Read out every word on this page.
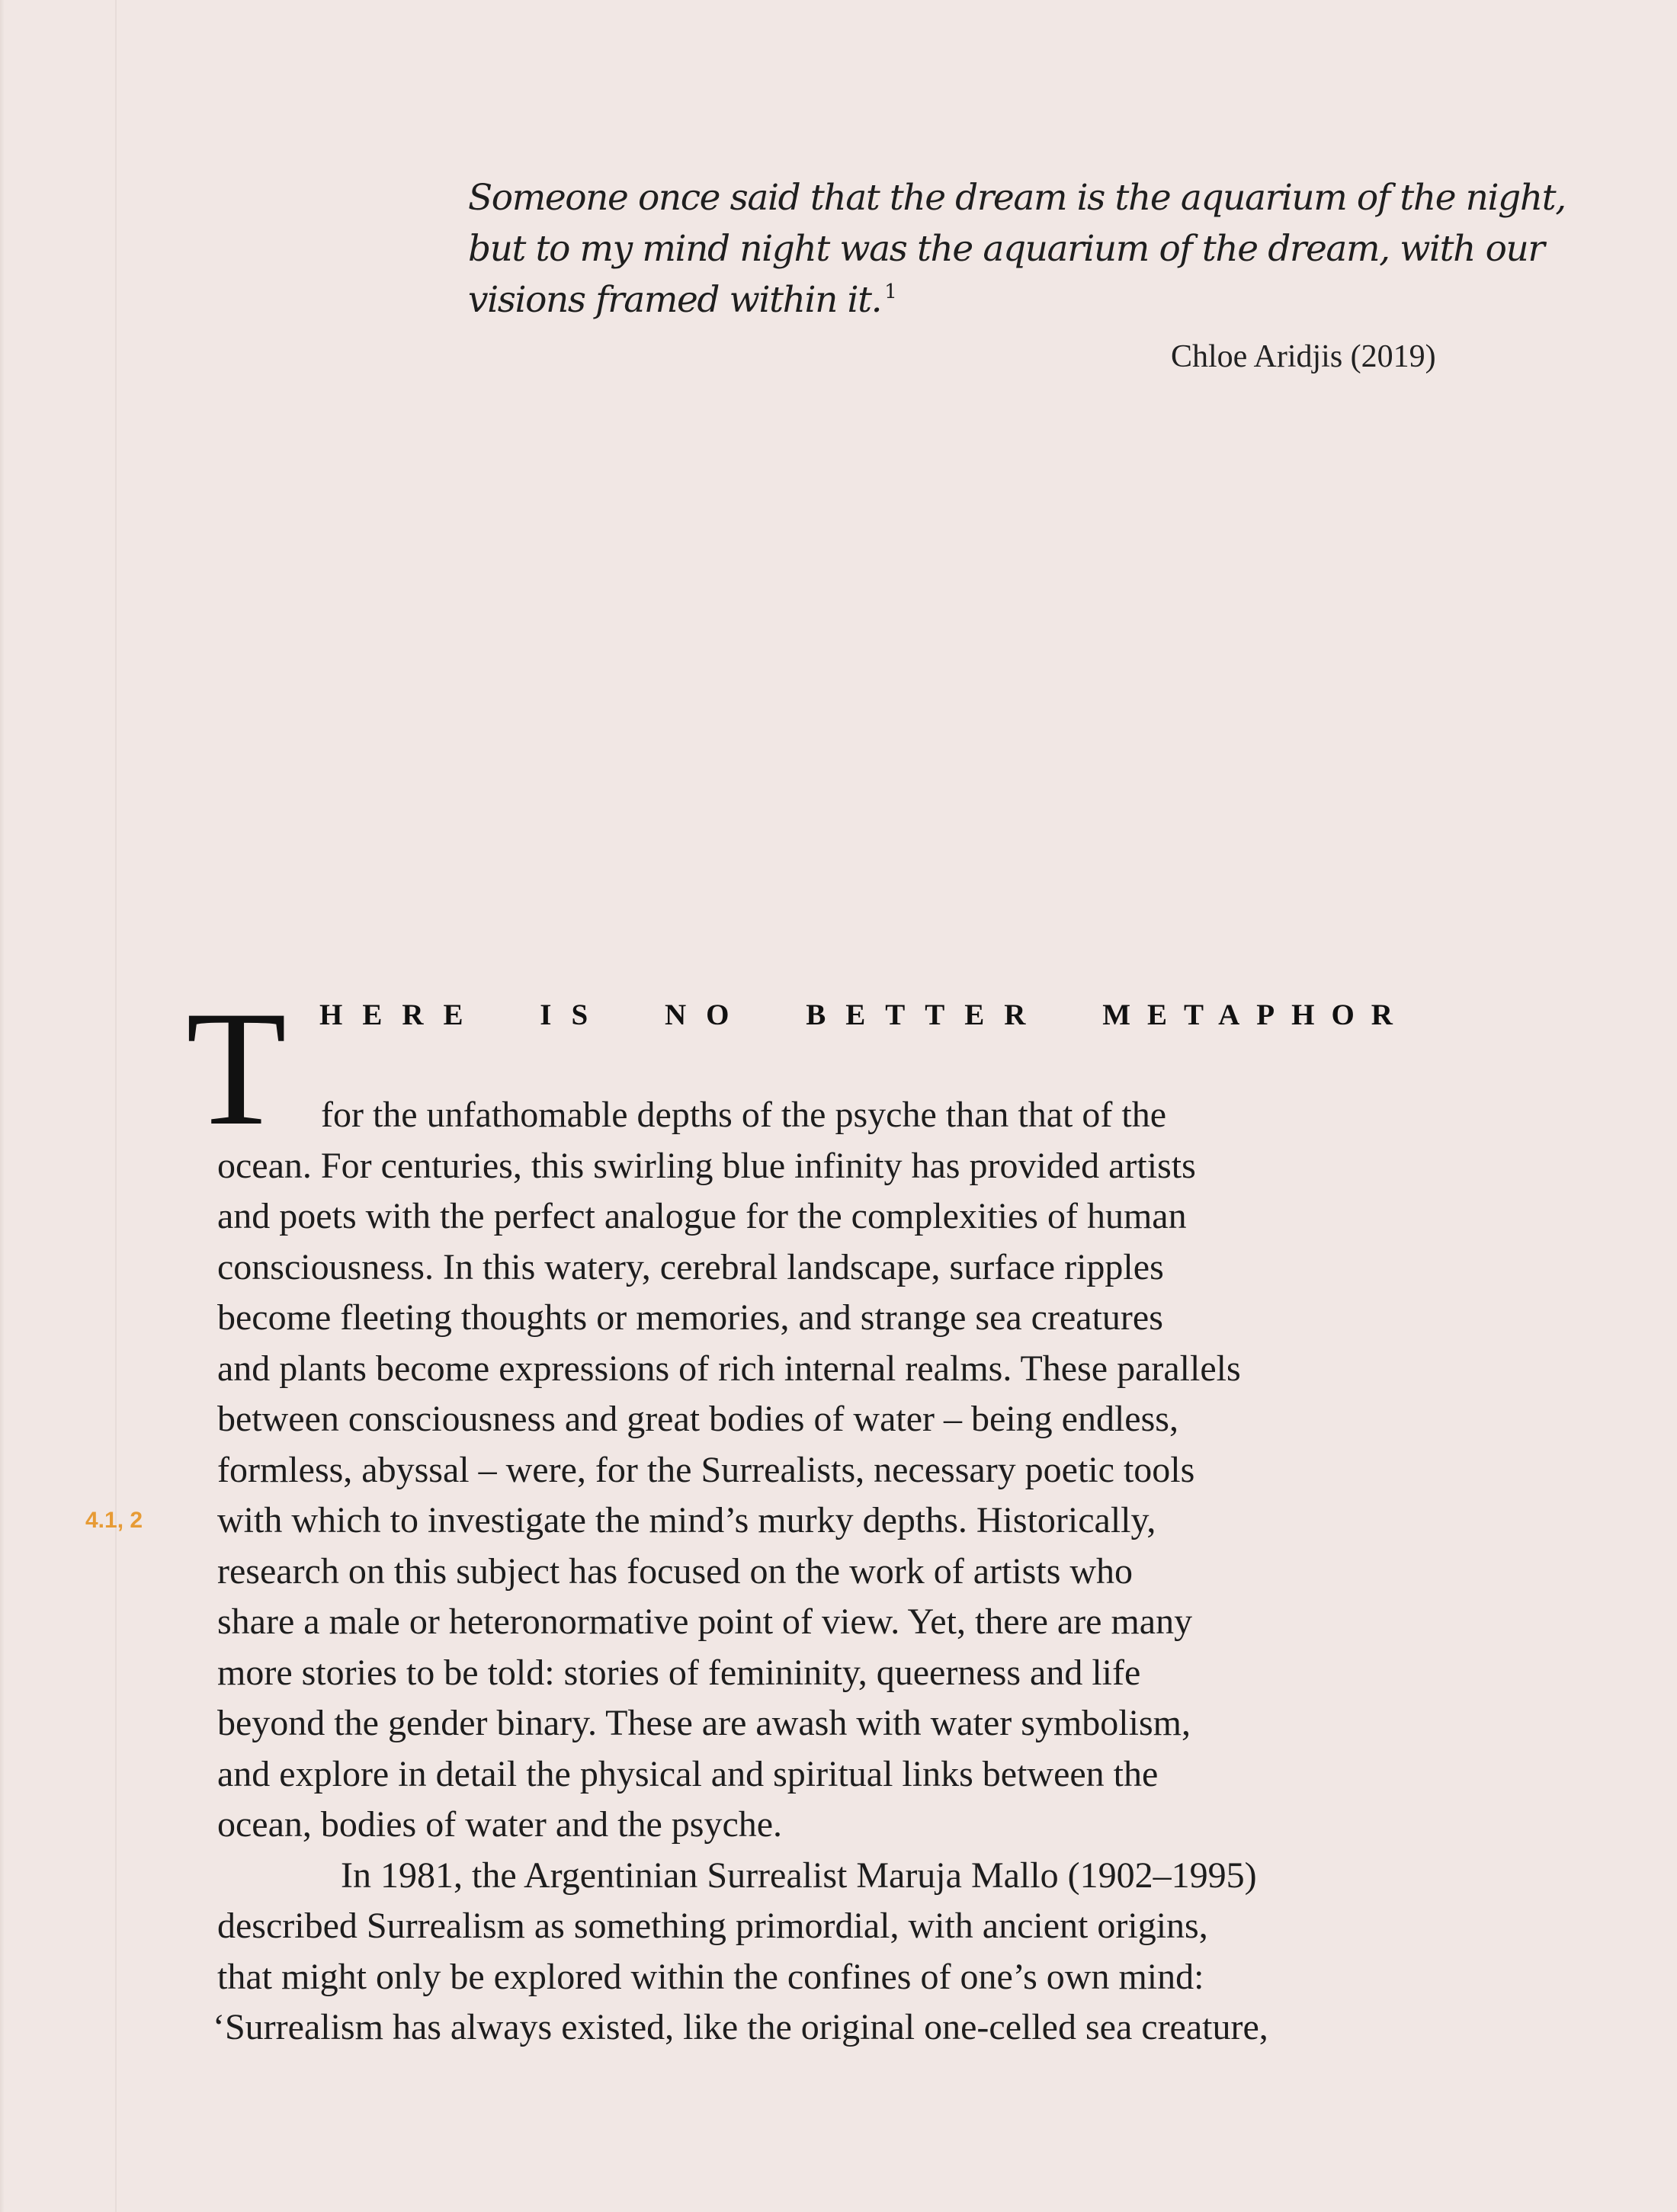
Someone once said that the dream is the aquarium of the night,
but to my mind night was the aquarium of the dream, with our
visions framed within it. $^1$
Chloe Aridjis (2019)
T HERE IS NO BETTER METAPHOR
4.1, 2
for the unfathomable depths of the psyche than that of the
ocean. For centuries, this swirling blue infinity has provided artists
and poets with the perfect analogue for the complexities of human
consciousness. In this watery, cerebral landscape, surface ripples
become fleeting thoughts or memories, and strange sea creatures
and plants become expressions of rich internal realms. These parallels
between consciousness and great bodies of water – being endless,
formless, abyssal – were, for the Surrealists, necessary poetic tools
with which to investigate the mind’s murky depths. Historically,
research on this subject has focused on the work of artists who
share a male or heteronormative point of view. Yet, there are many
more stories to be told: stories of femininity, queerness and life
beyond the gender binary. These are awash with water symbolism,
and explore in detail the physical and spiritual links between the
ocean, bodies of water and the psyche.
In 1981, the Argentinian Surrealist Maruja Mallo (1902–1995)
described Surrealism as something primordial, with ancient origins,
that might only be explored within the confines of one’s own mind:
‘Surrealism has always existed, like the original one-celled sea creature,
